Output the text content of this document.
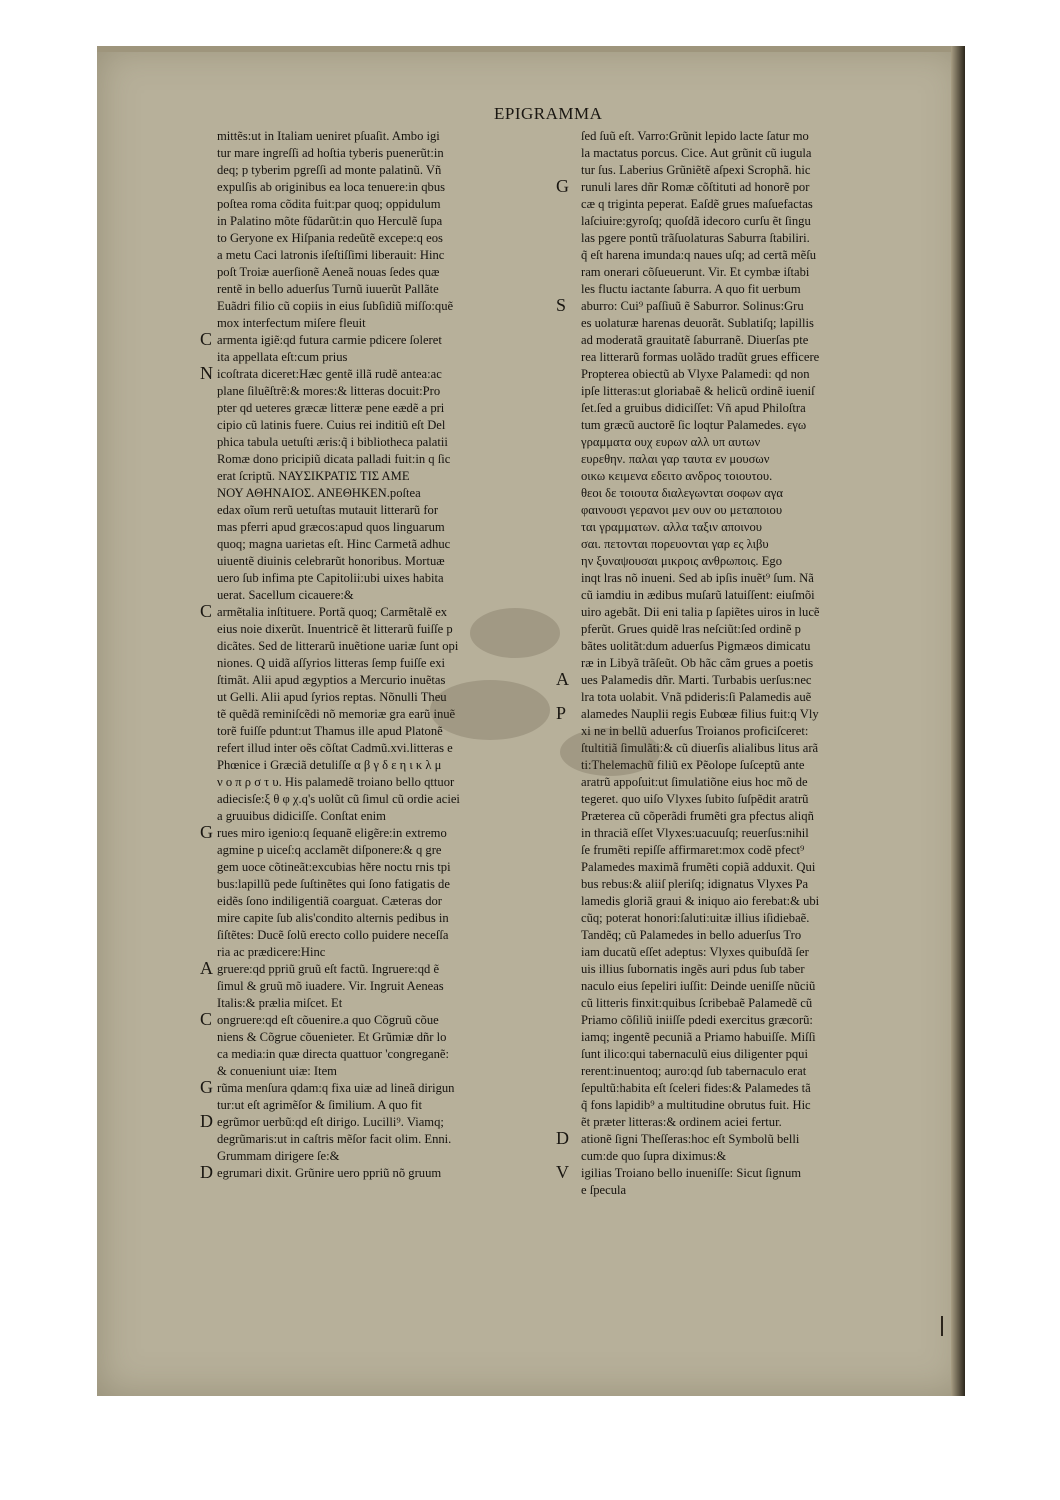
EPIGRAMMA
mittẽs:ut in Italiam ueniret pſuaſit. Ambo igi
tur mare ingreſſi ad hoſtia tyberis puenerũt:in
deq; p tyberim pgreſſi ad monte palatinũ. Vñ
expulſis ab originibus ea loca tenuere:in qbus
poſtea roma cõdita fuit:par quoq; oppidulum
in Palatino mõte fũdarũt:in quo Herculẽ ſupa
to Geryone ex Hiſpania redeũtẽ excepe:q eos
a metu Caci latronis iſeſtiſſimi liberauit: Hinc
poſt Troiæ auerſionẽ Aeneã nouas ſedes quæ
rentẽ in bello aduerſus Turnũ iuuerũt Pallãte
Euãdri filio cũ copiis in eius ſubſidiũ miſſo:quẽ
mox interfectum miſere fleuit
armenta igiẽ:qd futura carmie pdicere ſoleret
ita appellata eſt:cum prius
icoſtrata diceret:Hæc gentẽ illã rudẽ antea:ac
plane ſiluẽſtrẽ:& mores:& litteras docuit:Pro
pter qd ueteres græcæ litteræ pene eædẽ a pri
cipio cũ latinis fuere. Cuius rei inditiũ eſt Del
phica tabula uetuſti æris:q̃ i bibliotheca palatii
Romæ dono pricipiũ dicata palladi fuit:in q ſic
erat ſcriptũ. ΝΑΥΣΙΚΡΑΤΙΣ ΤΙΣ ΑΜΕ
ΝΟΥ ΑΘΗΝΑΙΟΣ. ΑΝΕΘΗΚΕΝ.poſtea
edax oĩum rerũ uetuſtas mutauit litterarũ for
mas pferri apud græcos:apud quos linguarum
quoq; magna uarietas eſt. Hinc Carmetã adhuc
uiuentẽ diuinis celebrarũt honoribus. Mortuæ
uero ſub infima pte Capitolii:ubi uixes habita
uerat. Sacellum cicauere:&
armẽtalia inſtituere. Portã quoq; Carmẽtalẽ ex
eius noie dixerũt. Inuentricẽ ẽt litterarũ fuiſſe p
dicãtes. Sed de litterarũ inuẽtione uariæ ſunt opi
niones. Q uidã aſſyrios litteras ſemp fuiſſe exi
ſtimãt. Alii apud ægyptios a Mercurio inuẽtas
ut Gelli. Alii apud ſyrios reptas. Nõnulli Theu
tẽ quẽdã reminiſcẽdi nõ memoriæ gra earũ inuẽ
torẽ fuiſſe pdunt:ut Thamus ille apud Platonẽ
refert illud inter oẽs cõſtat Cadmũ.xvi.litteras e
Phœnice i Græciã detuliſſe α β γ δ ε η ι κ λ μ
ν ο π ρ σ τ υ. His palamedẽ troiano bello qttuor
adiecisſe:ξ θ φ χ.q's uolũt cũ ſimul cũ ordie aciei
a gruuibus didiciſſe. Conſtat enim
rues miro igenio:q ſequanẽ eligẽre:in extremo
agmine p uiceſ:q acclamẽt diſponere:& q gre
gem uoce cõtineãt:excubias hẽre noctu rnis tpi
bus:lapillũ pede ſuſtinẽtes qui ſono fatigatis de
eidẽs ſono indiligentiã coarguat. Cæteras dor
mire capite ſub alis'condito alternis pedibus in
ſiſtẽtes: Ducẽ ſolũ erecto collo puidere neceſſa
ria ac prædicere:Hinc
gruere:qd ppriũ gruũ eſt factũ. Ingruere:qd ẽ
ſimul & gruũ mõ iuadere. Vir. Ingruit Aeneas
Italis:& prælia miſcet. Et
ongruere:qd eſt cõuenire.a quo Cõgruũ cõue
niens & Cõgrue cõuenieter. Et Grũmiæ dñr lo
ca media:in quæ directa quattuor 'congreganẽ:
& conueniunt uiæ: Item
rũma menſura qdam:q fixa uiæ ad lineã dirigun
tur:ut eſt agrimẽſor & ſimilium. A quo fit
egrũmor uerbũ:qd eſt dirigo. Lucilli⁹. Viamq;
degrũmaris:ut in caſtris mẽſor facit olim. Enni.
Grummam dirigere ſe:&
egrumari dixit. Grũnire uero ppriũ nõ gruum
ſed ſuũ eſt. Varro:Grũnit lepido lacte ſatur mo
la mactatus porcus. Cice. Aut grũnit cũ iugula
tur ſus. Laberius Grũniẽtẽ aſpexi Scrophã. hic
runuli lares dñr Romæ cõſtituti ad honorẽ por
cæ q triginta peperat. Eaſdẽ grues maſuefactas
laſciuire:gyroſq; quoſdã idecoro curſu ẽt ſingu
las pgere pontũ trãſuolaturas Saburra ſtabiliri.
q̃ eſt harena imunda:q naues uſq; ad certã mẽſu
ram onerari cõſueuerunt. Vir. Et cymbæ iſtabi
les fluctu iactante ſaburra. A quo fit uerbum
aburro: Cui⁹ paſſiuũ ẽ Saburror. Solinus:Gru
es uolaturæ harenas deuorãt. Sublatiſq; lapillis
ad moderatã grauitatẽ ſaburranẽ. Diuerſas pte
rea litterarũ formas uolãdo tradũt grues efficere
Propterea obiectũ ab Vlyxe Palamedi: qd non
ipſe litteras:ut gloriabaẽ & helicũ ordinẽ iueniſ
ſet.ſed a gruibus didiciſſet: Vñ apud Philoſtra
tum græcũ auctorẽ ſic loqtur Palamedes. εγω
γραμματα ουχ ευρων αλλ υπ αυτων
ευρεθην. παλαι γαρ ταυτα εν μουσων
οικω κειμενα εδειτο ανδρος τοιουτου.
θεοι δε τοιουτα διαλεγωνται σοφων αγα
φαινουσι γερανοι μεν ουν ου μεταποιου
ται γραμματων. αλλα ταξιν αποινου
σαι. πετονται πορευονται γαρ ες λιβυ
ην ξυναψουσαι μικροις ανθρωποις. Ego
inqt lras nõ inueni. Sed ab ipſis inuẽt⁹ ſum. Nã
cũ iamdiu in ædibus muſarũ latuiſſent: eiuſmõi
uiro agebãt. Dii eni talia p ſapiẽtes uiros in lucẽ
pferũt. Grues quidẽ lras neſciũt:ſed ordinẽ p
bãtes uolitãt:dum aduerſus Pigmæos dimicatu
ræ in Libyã trãſeũt. Ob hãc cãm grues a poetis
ues Palamedis dñr. Marti. Turbabis uerſus:nec
lra tota uolabit. Vnã pdideris:ſi Palamedis auẽ
alamedes Nauplii regis Eubœæ filius fuit:q Vly
xi ne in bellũ aduerſus Troianos proficiſceret:
ſtultitiã ſimulãti:& cũ diuerſis alialibus litus arã
ti:Thelemachũ filiũ ex Pẽolope ſuſceptũ ante
aratrũ appoſuit:ut ſimulatiõne eius hoc mõ de
tegeret. quo uiſo Vlyxes ſubito ſuſpẽdit aratrũ
Prætereа cũ cõperãdi frumẽti gra pfectus aliqñ
in thraciã eſſet Vlyxes:uacuuſq; reuerſus:nihil
ſe frumẽti repiſſe affirmaret:mox codẽ pfect⁹
Palamedes maximã frumẽti copiã adduxit. Qui
bus rebus:& aliiſ pleriſq; idignatus Vlyxes Pa
lamedis gloriã graui & iniquo aio ferebat:& ubi
cũq; poterat honori:ſaluti:uitæ illius iſidiebaẽ.
Tandẽq; cũ Palamedes in bello aduerſus Tro
iam ducatũ eſſet adeptus: Vlyxes quibuſdã ſer
uis illius ſubornatis ingẽs auri pdus ſub taber
naculo eius ſepeliri iuſſit: Deinde ueniſſe nũciũ
cũ litteris finxit:quibus ſcribebaẽ Palamedẽ cũ
Priamo cõſiliũ iniiſſe pdedi exercitus græcorũ:
iamq; ingentẽ pecuniã a Priamo habuiſſe. Miſſi
ſunt ilico:qui tabernaculũ eius diligenter pqui
rerent:inuentoq; auro:qd ſub tabernaculo erat
ſepultũ:habita eſt ſceleri fides:& Palamedes tã
q̃ fons lapidib⁹ a multitudine obrutus fuit. Hic
ẽt præter litteras:& ordinem aciei fertur.
ationẽ ſigni Theſſeras:hoc eſt Symbolũ belli
cum:de quo ſupra diximus:&
igilias Troiano bello inueniſſe: Sicut ſignum
e ſpecula
C
N
C
G
A
C
G
D
D
G
S
A
P
D
V
